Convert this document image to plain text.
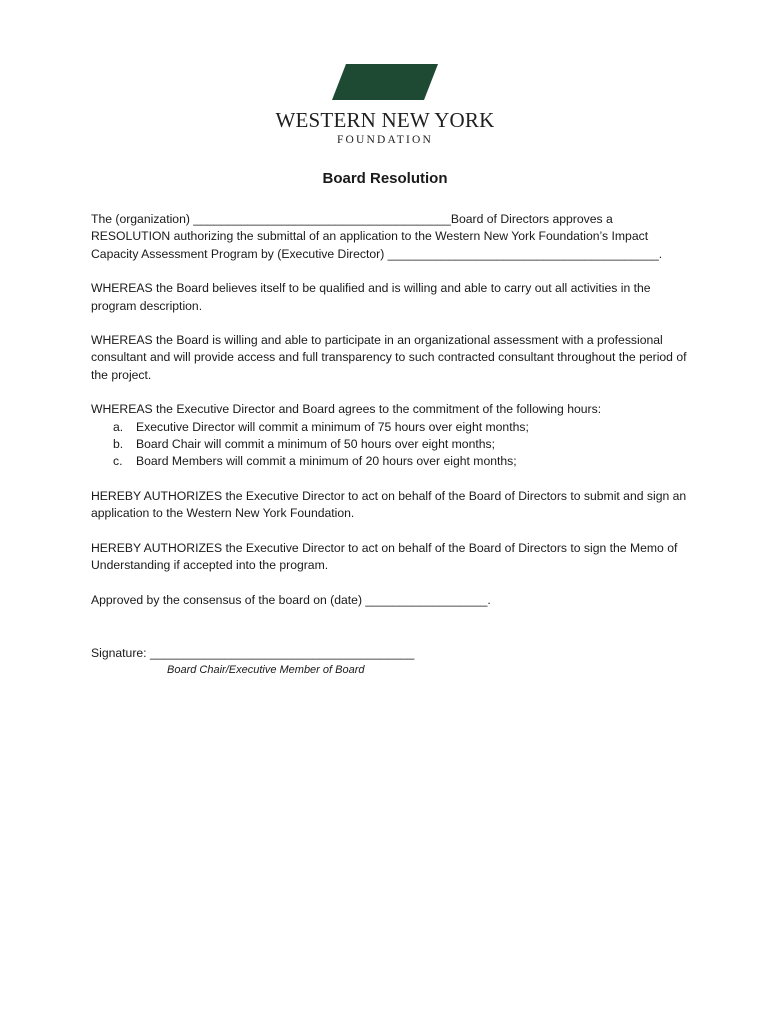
WESTERN NEW YORK
FOUNDATION
Board Resolution

The (organization) ______________________________________Board of Directors approves a RESOLUTION authorizing the submittal of an application to the Western New York Foundation’s Impact Capacity Assessment Program by (Executive Director) ________________________________________.

WHEREAS the Board believes itself to be qualified and is willing and able to carry out all activities in the program description.

WHEREAS the Board is willing and able to participate in an organizational assessment with a professional consultant and will provide access and full transparency to such contracted consultant throughout the period of the project.

WHEREAS the Executive Director and Board agrees to the commitment of the following hours:
a. Executive Director will commit a minimum of 75 hours over eight months;
b. Board Chair will commit a minimum of 50 hours over eight months;
c. Board Members will commit a minimum of 20 hours over eight months;

HEREBY AUTHORIZES the Executive Director to act on behalf of the Board of Directors to submit and sign an application to the Western New York Foundation.

HEREBY AUTHORIZES the Executive Director to act on behalf of the Board of Directors to sign the Memo of Understanding if accepted into the program.

Approved by the consensus of the board on (date) __________________.

Signature: _______________________________________
Board Chair/Executive Member of Board
